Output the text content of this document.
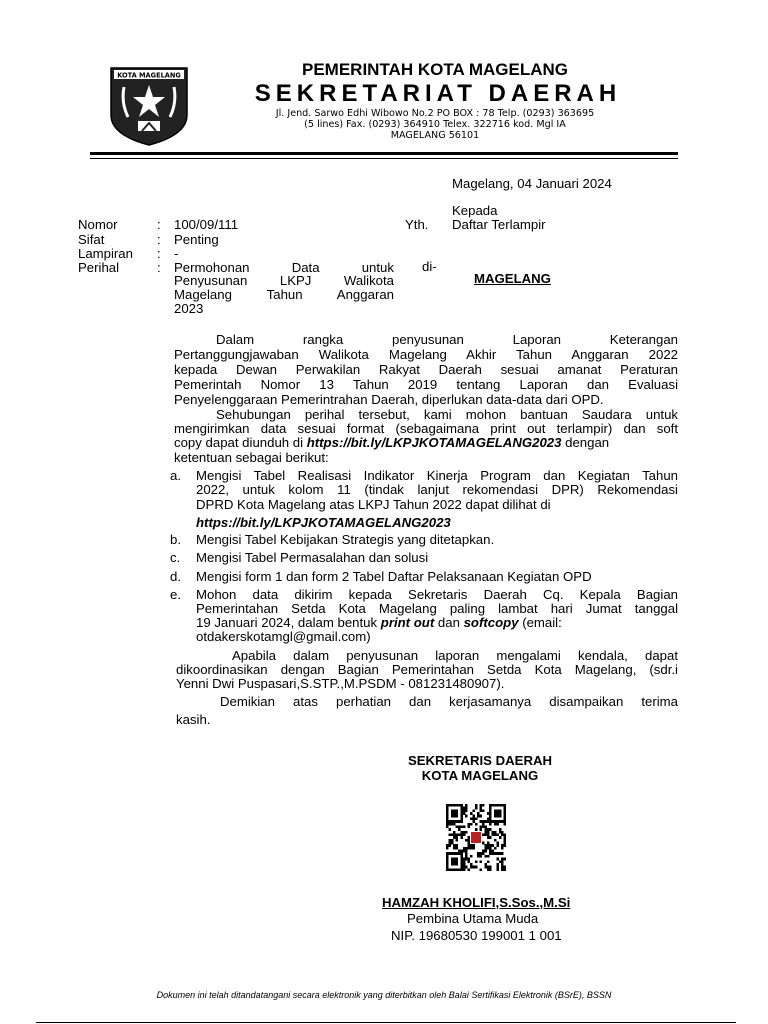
KOTA MAGELANG	PEMERINTAH KOTA MAGELANG
SEKRETARIAT DAERAH
Jl. Jend. Sarwo Edhi Wibowo No.2 PO BOX : 78 Telp. (0293) 363695
(5 lines) Fax. (0293) 364910 Telex. 322716 kod. Mgl IA
MAGELANG 56101
Magelang, 04 Januari 2024
Kepada
Yth. Daftar Terlampir
di-
MAGELANG
Nomor	: 100/09/111
Sifat	: Penting
Lampiran : -
Perihal	: Permohonan Data untuk
Penyusunan LKPJ Walikota
Magelang Tahun Anggaran
2023
Dalam rangka penyusunan Laporan Keterangan
Pertanggungjawaban Walikota Magelang Akhir Tahun Anggaran 2022
kepada Dewan Perwakilan Rakyat Daerah sesuai amanat Peraturan
Pemerintah Nomor 13 Tahun 2019 tentang Laporan dan Evaluasi
Penyelenggaraan Pemerintrahan Daerah, diperlukan data-data dari OPD.
Sehubungan perihal tersebut, kami mohon bantuan Saudara untuk
mengirimkan data sesuai format (sebagaimana print out terlampir) dan soft
copy dapat diunduh di https://bit.ly/LKPJKOTAMAGELANG2023 dengan
ketentuan sebagai berikut:
a. Mengisi Tabel Realisasi Indikator Kinerja Program dan Kegiatan Tahun
2022, untuk kolom 11 (tindak lanjut rekomendasi DPR) Rekomendasi
DPRD Kota Magelang atas LKPJ Tahun 2022 dapat dilihat di
https://bit.ly/LKPJKOTAMAGELANG2023
b. Mengisi Tabel Kebijakan Strategis yang ditetapkan.
c. Mengisi Tabel Permasalahan dan solusi
d. Mengisi form 1 dan form 2 Tabel Daftar Pelaksanaan Kegiatan OPD
e. Mohon data dikirim kepada Sekretaris Daerah Cq. Kepala Bagian
Pemerintahan Setda Kota Magelang paling lambat hari Jumat tanggal
19 Januari 2024, dalam bentuk print out dan softcopy (email:
otdakerskotamgl@gmail.com)
Apabila dalam penyusunan laporan mengalami kendala, dapat
dikoordinasikan dengan Bagian Pemerintahan Setda Kota Magelang, (sdr.i
Yenni Dwi Puspasari,S.STP.,M.PSDM - 081231480907).
Demikian atas perhatian dan kerjasamanya disampaikan terima
kasih.
SEKRETARIS DAERAH
KOTA MAGELANG
HAMZAH KHOLIFI,S.Sos.,M.Si
Pembina Utama Muda
NIP. 19680530 199001 1 001
Dokumen ini telah ditandatangani secara elektronik yang diterbitkan oleh Balai Sertifikasi Elektronik (BSrE), BSSN
